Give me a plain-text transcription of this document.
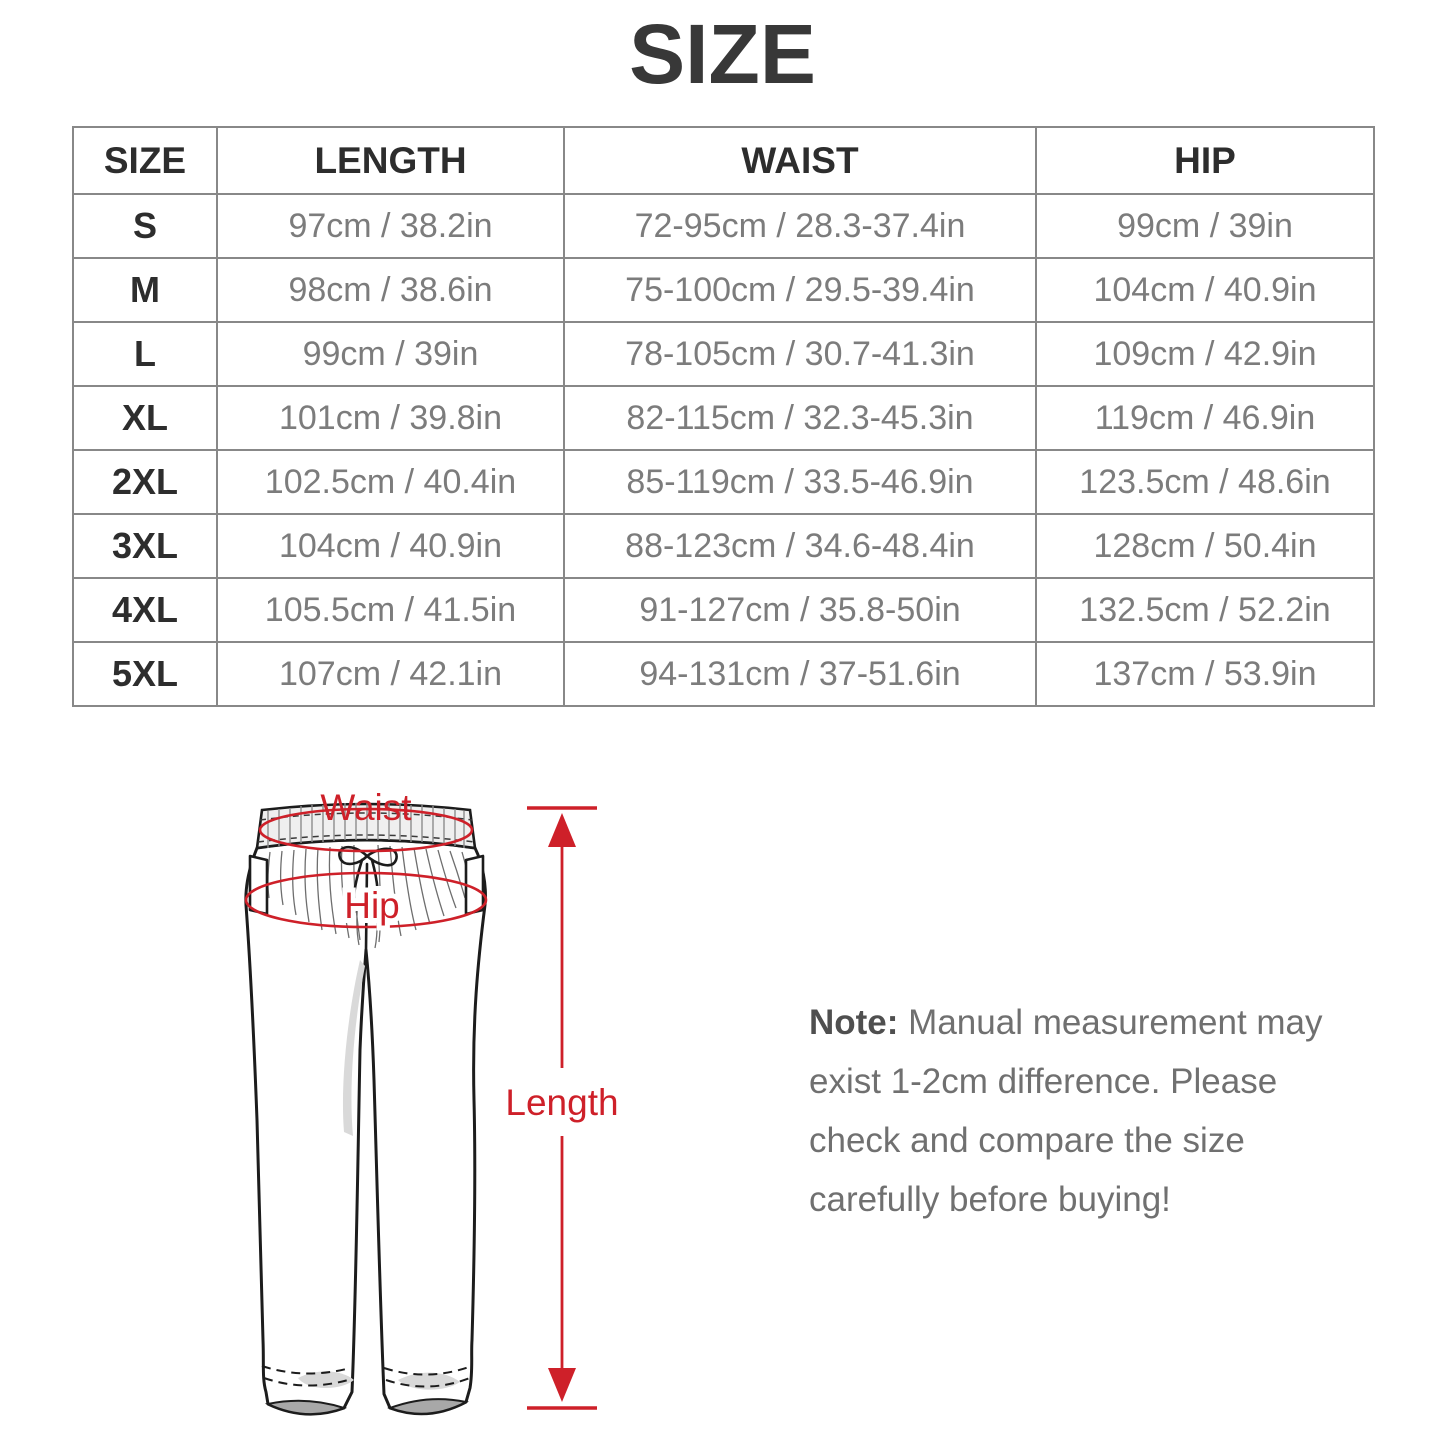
SIZE
SIZE	LENGTH	WAIST	HIP
S	97cm / 38.2in	72-95cm / 28.3-37.4in	99cm / 39in
M	98cm / 38.6in	75-100cm / 29.5-39.4in	104cm / 40.9in
L	99cm / 39in	78-105cm / 30.7-41.3in	109cm / 42.9in
XL	101cm / 39.8in	82-115cm / 32.3-45.3in	119cm / 46.9in
2XL	102.5cm / 40.4in	85-119cm / 33.5-46.9in	123.5cm / 48.6in
3XL	104cm / 40.9in	88-123cm / 34.6-48.4in	128cm / 50.4in
4XL	105.5cm / 41.5in	91-127cm / 35.8-50in	132.5cm / 52.2in
5XL	107cm / 42.1in	94-131cm / 37-51.6in	137cm / 53.9in
Waist
Hip
Length

Note: Manual measurement may exist 1-2cm difference. Please check and compare the size carefully before buying!
